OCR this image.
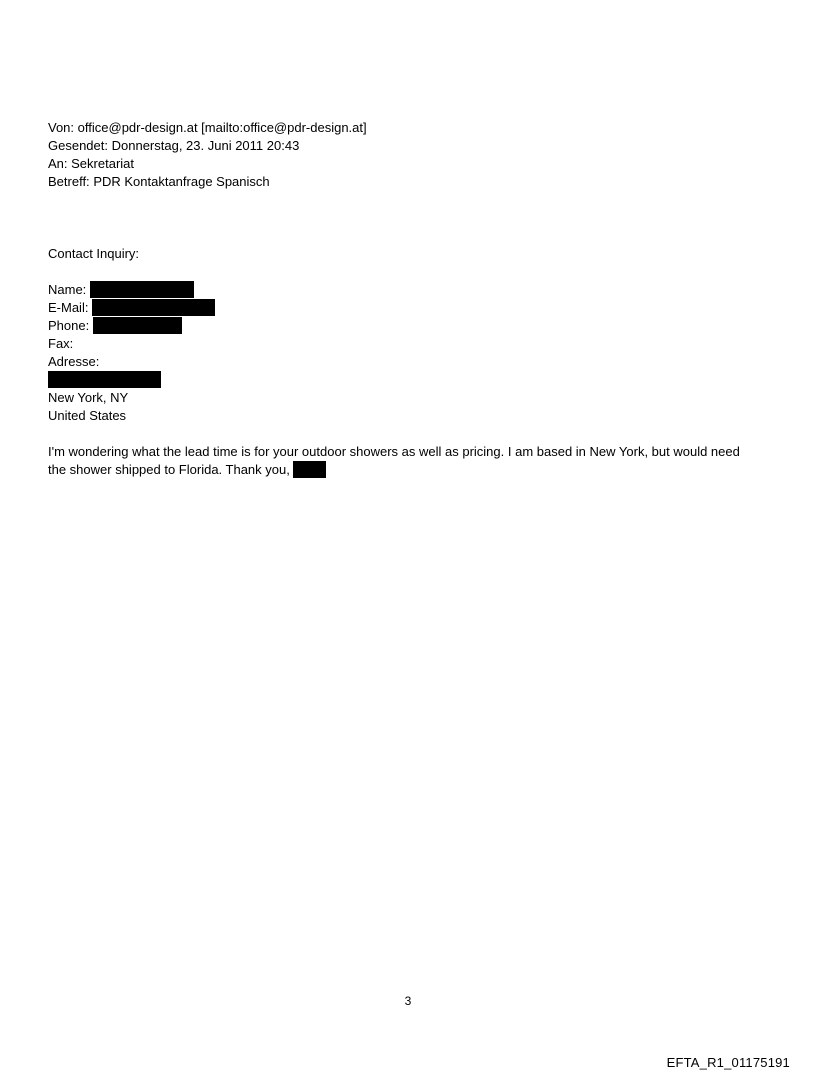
Von: office@pdr-design.at [mailto:office@pdr-design.at]
Gesendet: Donnerstag, 23. Juni 2011 20:43
An: Sekretariat
Betreff: PDR Kontaktanfrage Spanisch
Contact Inquiry:
Name:
E-Mail:
Phone:
Fax:
Adresse:
New York, NY
United States
I'm wondering what the lead time is for your outdoor showers as well as pricing. I am based in New York, but would need the shower shipped to Florida. Thank you,
3
EFTA_R1_01175191
